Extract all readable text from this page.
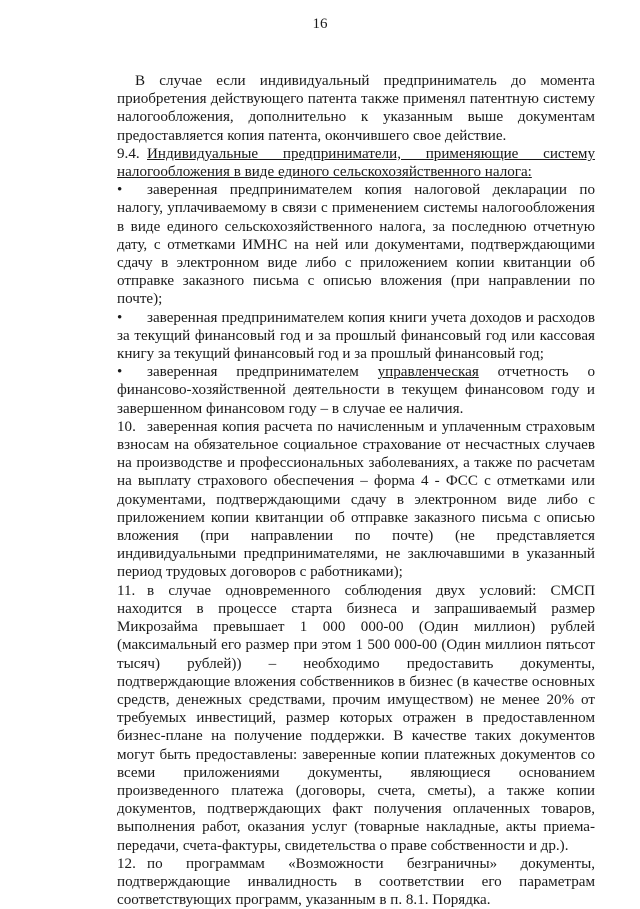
16

В случае если индивидуальный предприниматель до момента приобретения действующего патента также применял патентную систему налогообложения, дополнительно к указанным выше документам предоставляется копия патента, окончившего свое действие.

9.4. Индивидуальные предприниматели, применяющие систему налогообложения в виде единого сельскохозяйственного налога:

•	заверенная предпринимателем копия налоговой декларации по налогу, уплачиваемому в связи с применением системы налогообложения в виде единого сельскохозяйственного налога, за последнюю отчетную дату, с отметками ИМНС на ней или документами, подтверждающими сдачу в электронном виде либо с приложением копии квитанции об отправке заказного письма с описью вложения (при направлении по почте);

•	заверенная предпринимателем копия книги учета доходов и расходов за текущий финансовый год и за прошлый финансовый год или кассовая книгу за текущий финансовый год и за прошлый финансовый год;

•	заверенная предпринимателем управленческая отчетность о финансово-хозяйственной деятельности в текущем финансовом году и завершенном финансовом году – в случае ее наличия.

10. заверенная копия расчета по начисленным и уплаченным страховым взносам на обязательное социальное страхование от несчастных случаев на производстве и профессиональных заболеваниях, а также по расчетам на выплату страхового обеспечения – форма 4 - ФСС с отметками или документами, подтверждающими сдачу в электронном виде либо с приложением копии квитанции об отправке заказного письма с описью вложения (при направлении по почте) (не представляется индивидуальными предпринимателями, не заключавшими в указанный период трудовых договоров с работниками);

11. в случае одновременного соблюдения двух условий: СМСП находится в процессе старта бизнеса и запрашиваемый размер Микрозайма превышает 1 000 000-00 (Один миллион) рублей (максимальный его размер при этом 1 500 000-00 (Один миллион пятьсот тысяч) рублей)) – необходимо предоставить документы, подтверждающие вложения собственников в бизнес (в качестве основных средств, денежных средствами, прочим имуществом) не менее 20% от требуемых инвестиций, размер которых отражен в предоставленном бизнес-плане на получение поддержки. В качестве таких документов могут быть предоставлены: заверенные копии платежных документов со всеми приложениями документы, являющиеся основанием произведенного платежа (договоры, счета, сметы), а также копии документов, подтверждающих факт получения оплаченных товаров, выполнения работ, оказания услуг (товарные накладные, акты приема-передачи, счета-фактуры, свидетельства о праве собственности и др.).

12. по программам «Возможности безграничны» документы, подтверждающие инвалидность в соответствии его параметрам соответствующих программ, указанным в п. 8.1. Порядка.
